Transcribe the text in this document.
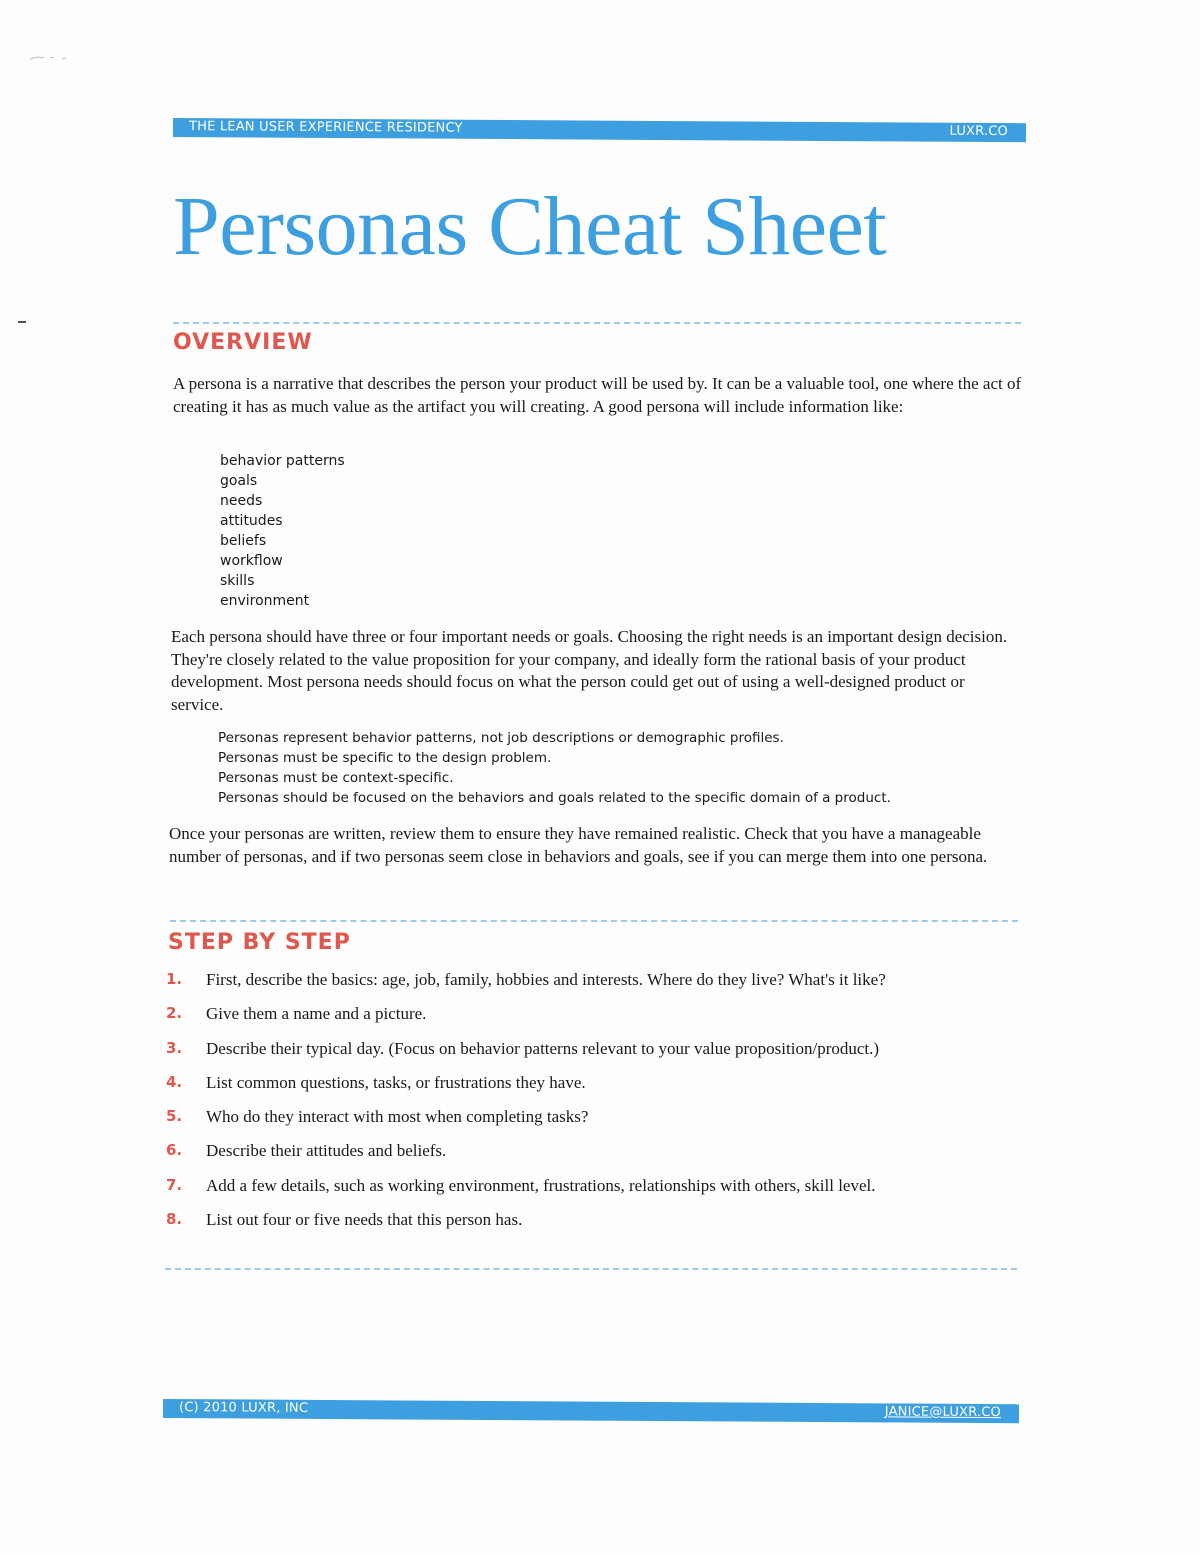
THE LEAN USER EXPERIENCE RESIDENCY	LUXR.CO
Personas Cheat Sheet
OVERVIEW

A persona is a narrative that describes the person your product will be used by. It can be a valuable tool, one where the act of creating it has as much value as the artifact you will creating. A good persona will include information like:

behavior patterns
goals
needs
attitudes
beliefs
workflow
skills
environment

Each persona should have three or four important needs or goals. Choosing the right needs is an important design decision. They're closely related to the value proposition for your company, and ideally form the rational basis of your product development. Most persona needs should focus on what the person could get out of using a well-designed product or service.

Personas represent behavior patterns, not job descriptions or demographic profiles.
Personas must be specific to the design problem.
Personas must be context-specific.
Personas should be focused on the behaviors and goals related to the specific domain of a product.

Once your personas are written, review them to ensure they have remained realistic. Check that you have a manageable number of personas, and if two personas seem close in behaviors and goals, see if you can merge them into one persona.

STEP BY STEP
1.	First, describe the basics: age, job, family, hobbies and interests. Where do they live? What's it like?
2.	Give them a name and a picture.
3.	Describe their typical day. (Focus on behavior patterns relevant to your value proposition/product.)
4.	List common questions, tasks, or frustrations they have.
5.	Who do they interact with most when completing tasks?
6.	Describe their attitudes and beliefs.
7.	Add a few details, such as working environment, frustrations, relationships with others, skill level.
8.	List out four or five needs that this person has.
(C) 2010 LUXR, INC	JANICE@LUXR.CO
